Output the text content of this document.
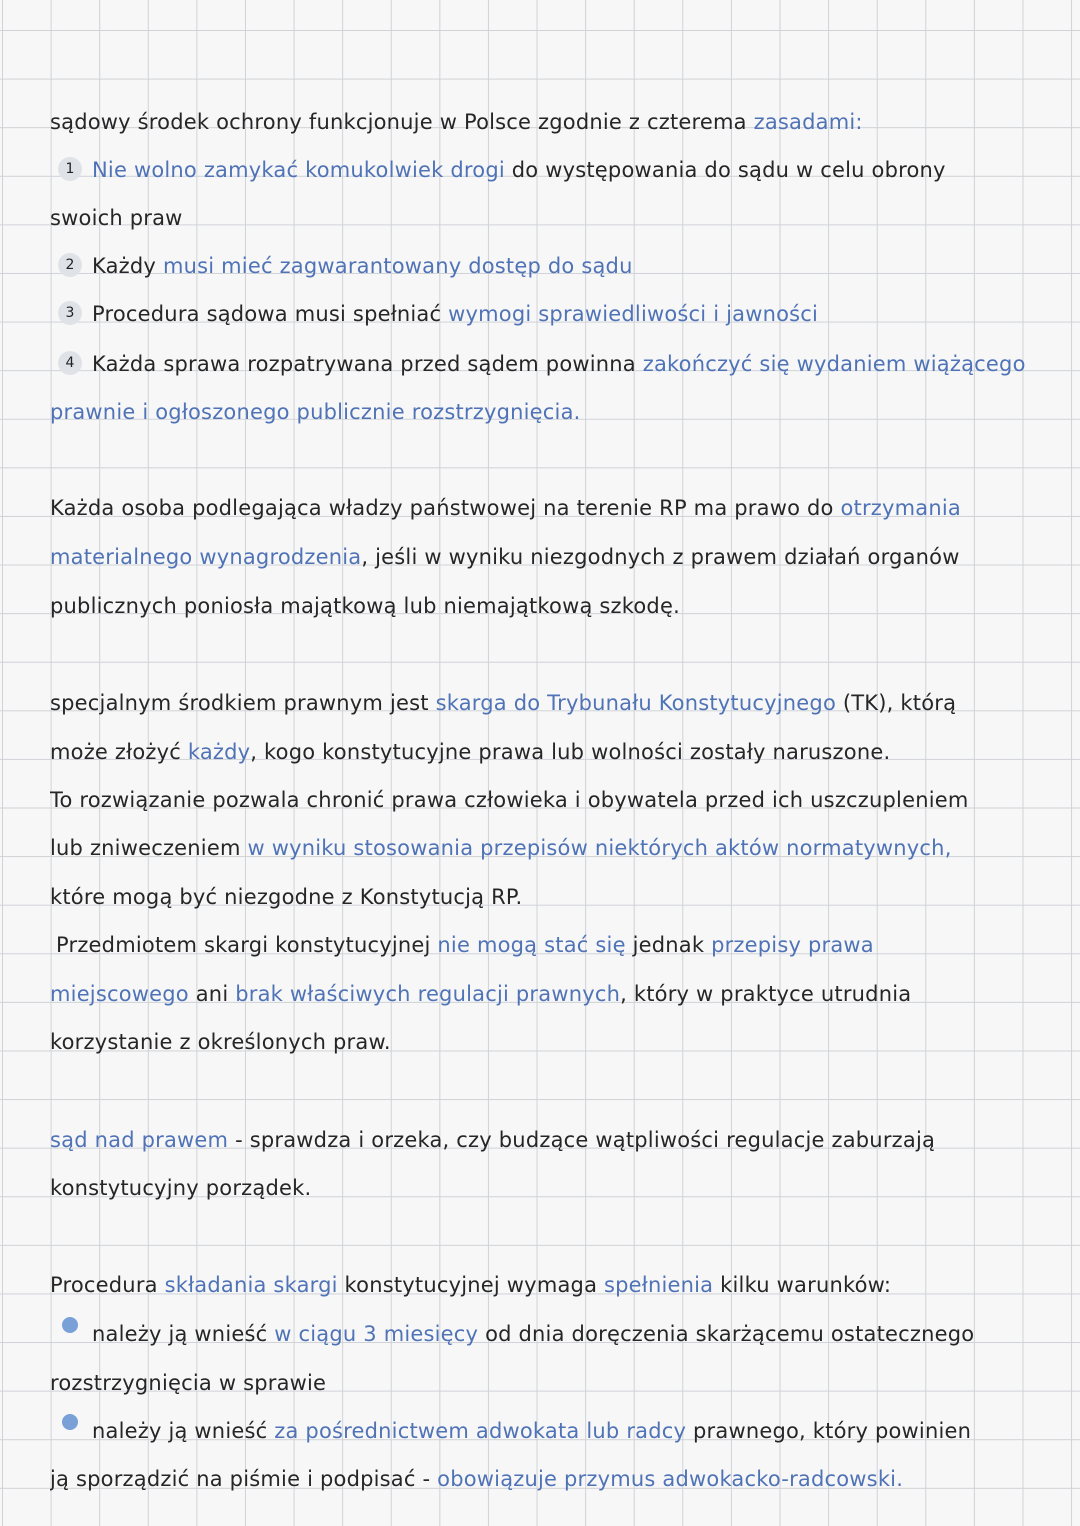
sądowy środek ochrony funkcjonuje w Polsce zgodnie z czterema zasadami:
1 Nie wolno zamykać komukolwiek drogi do występowania do sądu w celu obrony
swoich praw
2 Każdy musi mieć zagwarantowany dostęp do sądu
3 Procedura sądowa musi spełniać wymogi sprawiedliwości i jawności
4 Każda sprawa rozpatrywana przed sądem powinna zakończyć się wydaniem wiążącego
prawnie i ogłoszonego publicznie rozstrzygnięcia.
Każda osoba podlegająca władzy państwowej na terenie RP ma prawo do otrzymania
materialnego wynagrodzenia, jeśli w wyniku niezgodnych z prawem działań organów
publicznych poniosła majątkową lub niemajątkową szkodę.
specjalnym środkiem prawnym jest skarga do Trybunału Konstytucyjnego (TK), którą
może złożyć każdy, kogo konstytucyjne prawa lub wolności zostały naruszone.
To rozwiązanie pozwala chronić prawa człowieka i obywatela przed ich uszczupleniem
lub zniweczeniem w wyniku stosowania przepisów niektórych aktów normatywnych,
które mogą być niezgodne z Konstytucją RP.
Przedmiotem skargi konstytucyjnej nie mogą stać się jednak przepisy prawa
miejscowego ani brak właściwych regulacji prawnych, który w praktyce utrudnia
korzystanie z określonych praw.
sąd nad prawem - sprawdza i orzeka, czy budzące wątpliwości regulacje zaburzają
konstytucyjny porządek.
Procedura składania skargi konstytucyjnej wymaga spełnienia kilku warunków:
należy ją wnieść w ciągu 3 miesięcy od dnia doręczenia skarżącemu ostatecznego
rozstrzygnięcia w sprawie
należy ją wnieść za pośrednictwem adwokata lub radcy prawnego, który powinien
ją sporządzić na piśmie i podpisać - obowiązuje przymus adwokacko-radcowski.
